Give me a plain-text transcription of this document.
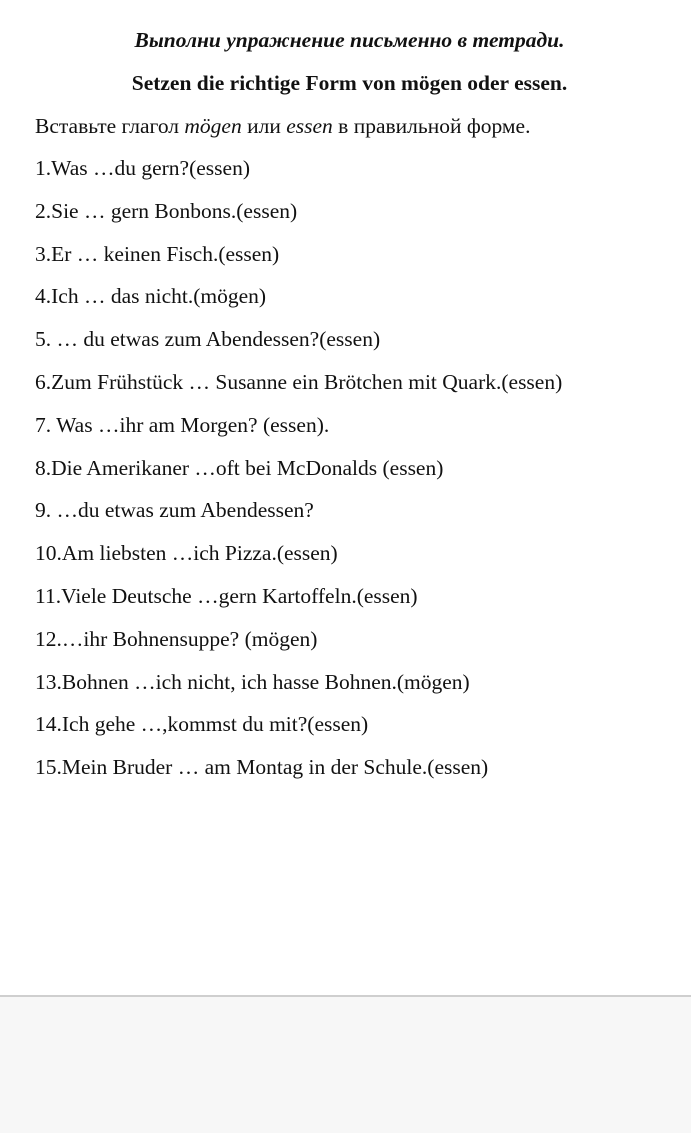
Выполни упражнение письменно в тетради.
Setzen die richtige Form von mögen oder essen.
Вставьте глагол mögen или essen в правильной форме.
1.Was …du gern?(essen)
2.Sie … gern Bonbons.(essen)
3.Er … keinen Fisch.(essen)
4.Ich … das nicht.(mögen)
5. … du etwas zum Abendessen?(essen)
6.Zum Frühstück … Susanne ein Brötchen mit Quark.(essen)
7. Was …ihr am Morgen? (essen).
8.Die Amerikaner …oft bei McDonalds (essen)
9. …du etwas zum Abendessen?
10.Am liebsten …ich Pizza.(essen)
11.Viele Deutsche …gern Kartoffeln.(essen)
12.…ihr Bohnensuppe? (mögen)
13.Bohnen …ich nicht, ich hasse Bohnen.(mögen)
14.Ich gehe …,kommst du mit?(essen)
15.Mein Bruder … am Montag in der Schule.(essen)
